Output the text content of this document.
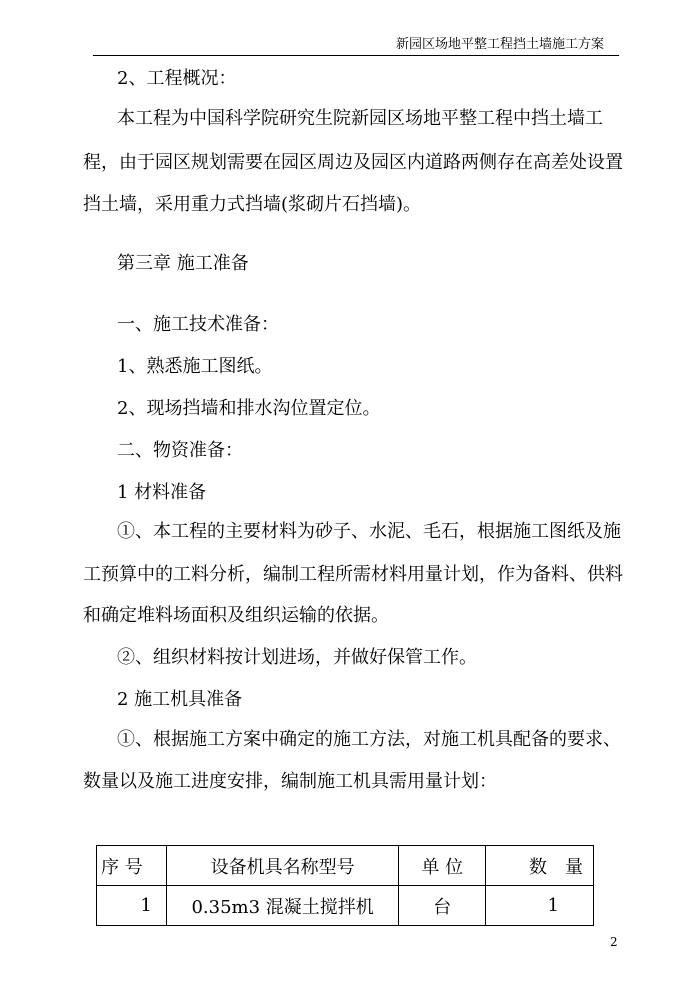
新园区场地平整工程挡土墙施工方案
2、工程概况：
本工程为中国科学院研究生院新园区场地平整工程中挡土墙工
程，由于园区规划需要在园区周边及园区内道路两侧存在高差处设置
挡土墙，采用重力式挡墙(浆砌片石挡墙)。
第三章 施工准备
一、施工技术准备：
1、熟悉施工图纸。
2、现场挡墙和排水沟位置定位。
二、物资准备：
1 材料准备
①、本工程的主要材料为砂子、水泥、毛石，根据施工图纸及施
工预算中的工料分析，编制工程所需材料用量计划，作为备料、供料
和确定堆料场面积及组织运输的依据。
②、组织材料按计划进场，并做好保管工作。
2 施工机具准备
①、根据施工方案中确定的施工方法，对施工机具配备的要求、
数量以及施工进度安排，编制施工机具需用量计划：
序 号	设备机具名称型号	单 位	数　量
1	0.35m3 混凝土搅拌机	台	1
2
